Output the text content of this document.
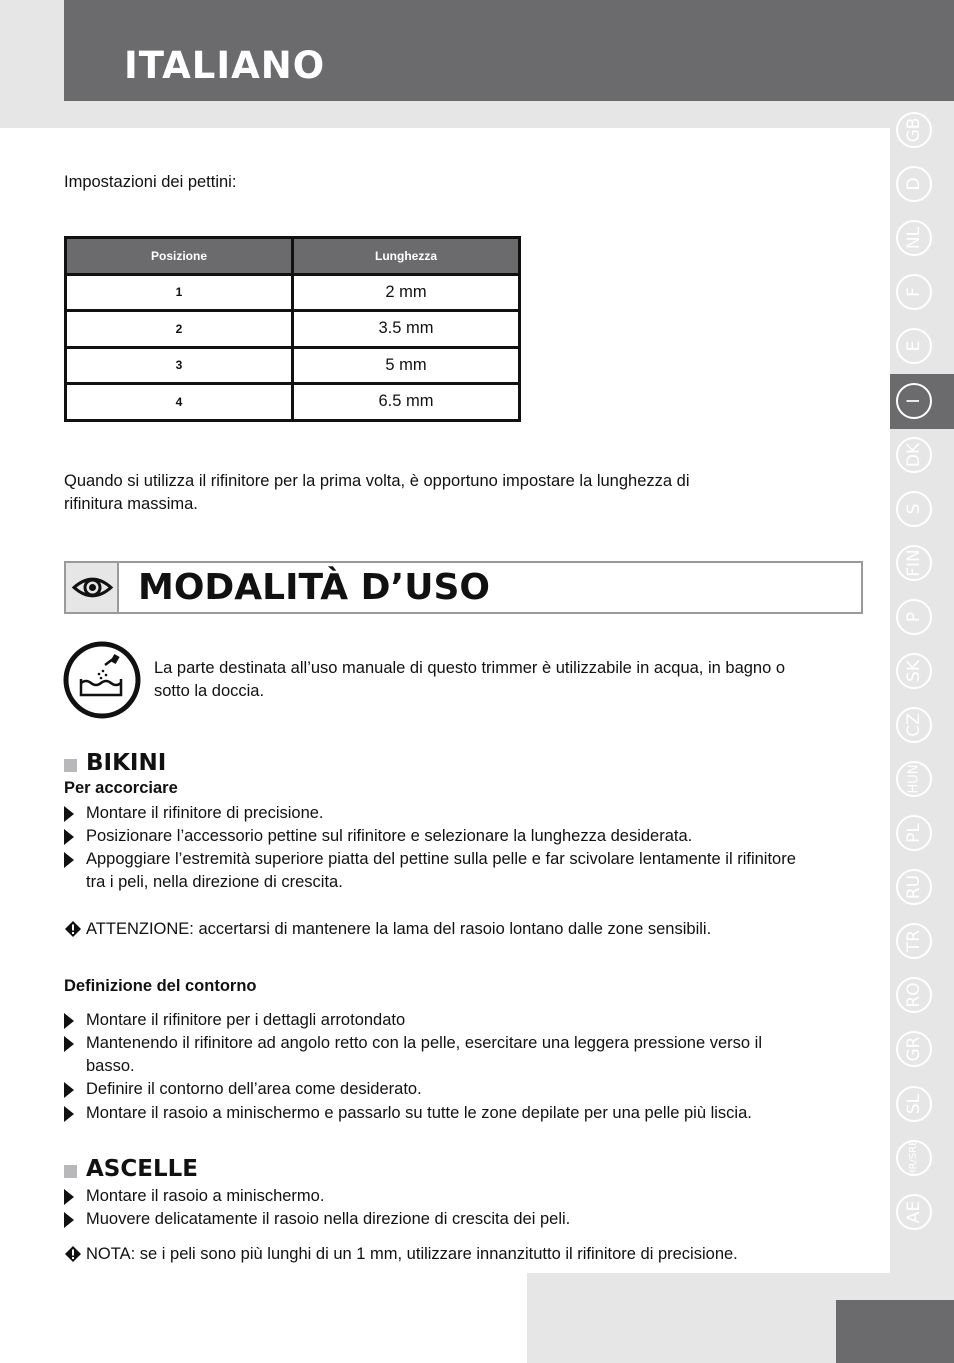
ITALIANO
GB
D
NL
F
E
I
DK
S
FIN
P
SK
CZ
HUN
PL
RU
TR
RO
GR
SL
HR/SRB
AE
Impostazioni dei pettini:
Posizione	Lunghezza
1	2 mm
2	3.5 mm
3	5 mm
4	6.5 mm
Quando si utilizza il rifinitore per la prima volta, è opportuno impostare la lunghezza di
rifinitura massima.
MODALITÀ D’USO
La parte destinata all’uso manuale di questo trimmer è utilizzabile in acqua, in bagno o
sotto la doccia.
BIKINI
Per accorciare
Montare il rifinitore di precisione.
Posizionare l’accessorio pettine sul rifinitore e selezionare la lunghezza desiderata.
Appoggiare l’estremità superiore piatta del pettine sulla pelle e far scivolare lentamente il rifinitore tra i peli, nella direzione di crescita.
ATTENZIONE: accertarsi di mantenere la lama del rasoio lontano dalle zone sensibili.
Definizione del contorno
Montare il rifinitore per i dettagli arrotondato
Mantenendo il rifinitore ad angolo retto con la pelle, esercitare una leggera pressione verso il basso.
Definire il contorno dell’area come desiderato.
Montare il rasoio a minischermo e passarlo su tutte le zone depilate per una pelle più liscia.
ASCELLE
Montare il rasoio a minischermo.
Muovere delicatamente il rasoio nella direzione di crescita dei peli.
NOTA: se i peli sono più lunghi di un 1 mm, utilizzare innanzitutto il rifinitore di precisione.
